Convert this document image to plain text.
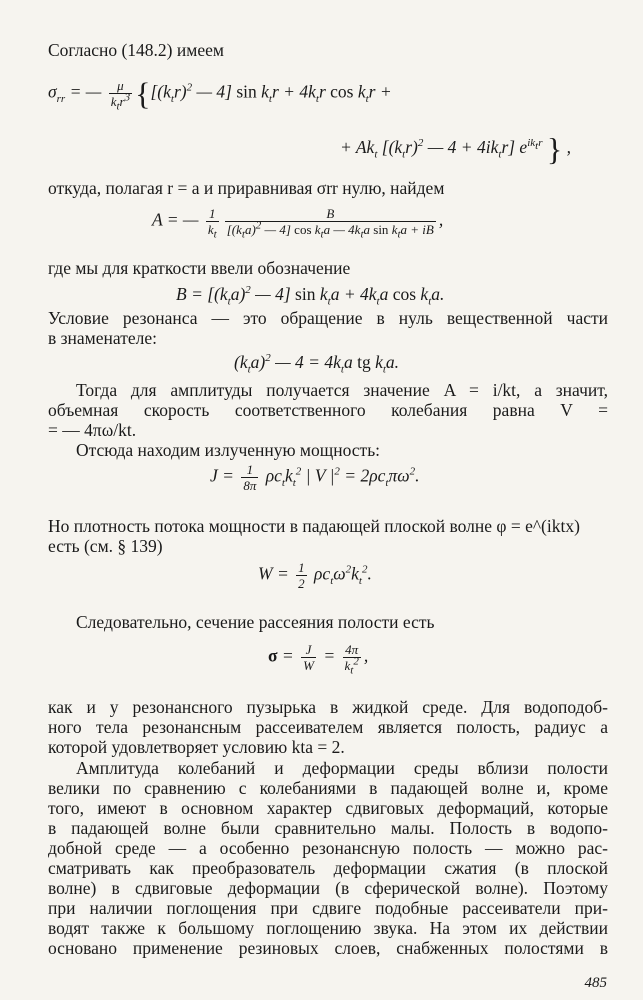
Согласно (148.2) имеем
$\sigma_{rr}$ = — $\frac{\mu}{k_tr^3} \{[(k_tr)^2$ — 4] $\sin k_tr + 4k_tr$ $\cos k_tr$ +
+ $Ak_t$ [$(k_tr)^2$ — $4 + 4ik_tr$] $e^{ik_tr}$ } ,
откуда, полагая r = a и приравнивая σrr нулю, найдем
A = — $\frac{1}{k_t} \frac{B}{[(k_ta)^2 — 4] \cos k_ta — 4k_ta \sin k_ta + iB}$ ,
где мы для краткости ввели обозначение
$B = [(k_ta)^2$ — 4] $\sin k_ta + 4k_ta$ $\cos k_ta$.
Условие резонанса — это обращение в нуль вещественной части
в знаменателе:
$(k_ta)^2$ — $4 = 4k_ta$ tg $k_ta$.
Тогда для амплитуды получается значение A = i/kt, а значит,
объемная скорость соответственного колебания равна V =
= — 4πω/kt.
Отсюда находим излученную мощность:
$J = \frac{1}{8\pi} \rho c_tk_t^2$ | V $|^2 = 2\rho c_t\pi\omega^2$.
Но плотность потока мощности в падающей плоской волне φ = e^(iktx)
есть (см. § 139)
$W = \frac{1}{2} \rho c_t\omega^2k_t^2$.
Следовательно, сечение рассеяния полости есть
$\sigma = \frac{J}{W} = \frac{4\pi}{k_t^2}$ ,
как и у резонансного пузырька в жидкой среде. Для водоподоб-
ного тела резонансным рассеивателем является полость, радиус a
которой удовлетворяет условию kta = 2.
Амплитуда колебаний и деформации среды вблизи полости
велики по сравнению с колебаниями в падающей волне и, кроме
того, имеют в основном характер сдвиговых деформаций, которые
в падающей волне были сравнительно малы. Полость в водопо-
добной среде — а особенно резонансную полость — можно рас-
сматривать как преобразователь деформации сжатия (в плоской
волне) в сдвиговые деформации (в сферической волне). Поэтому
при наличии поглощения при сдвиге подобные рассеиватели при-
водят также к большому поглощению звука. На этом их действии
основано применение резиновых слоев, снабженных полостями в
485
